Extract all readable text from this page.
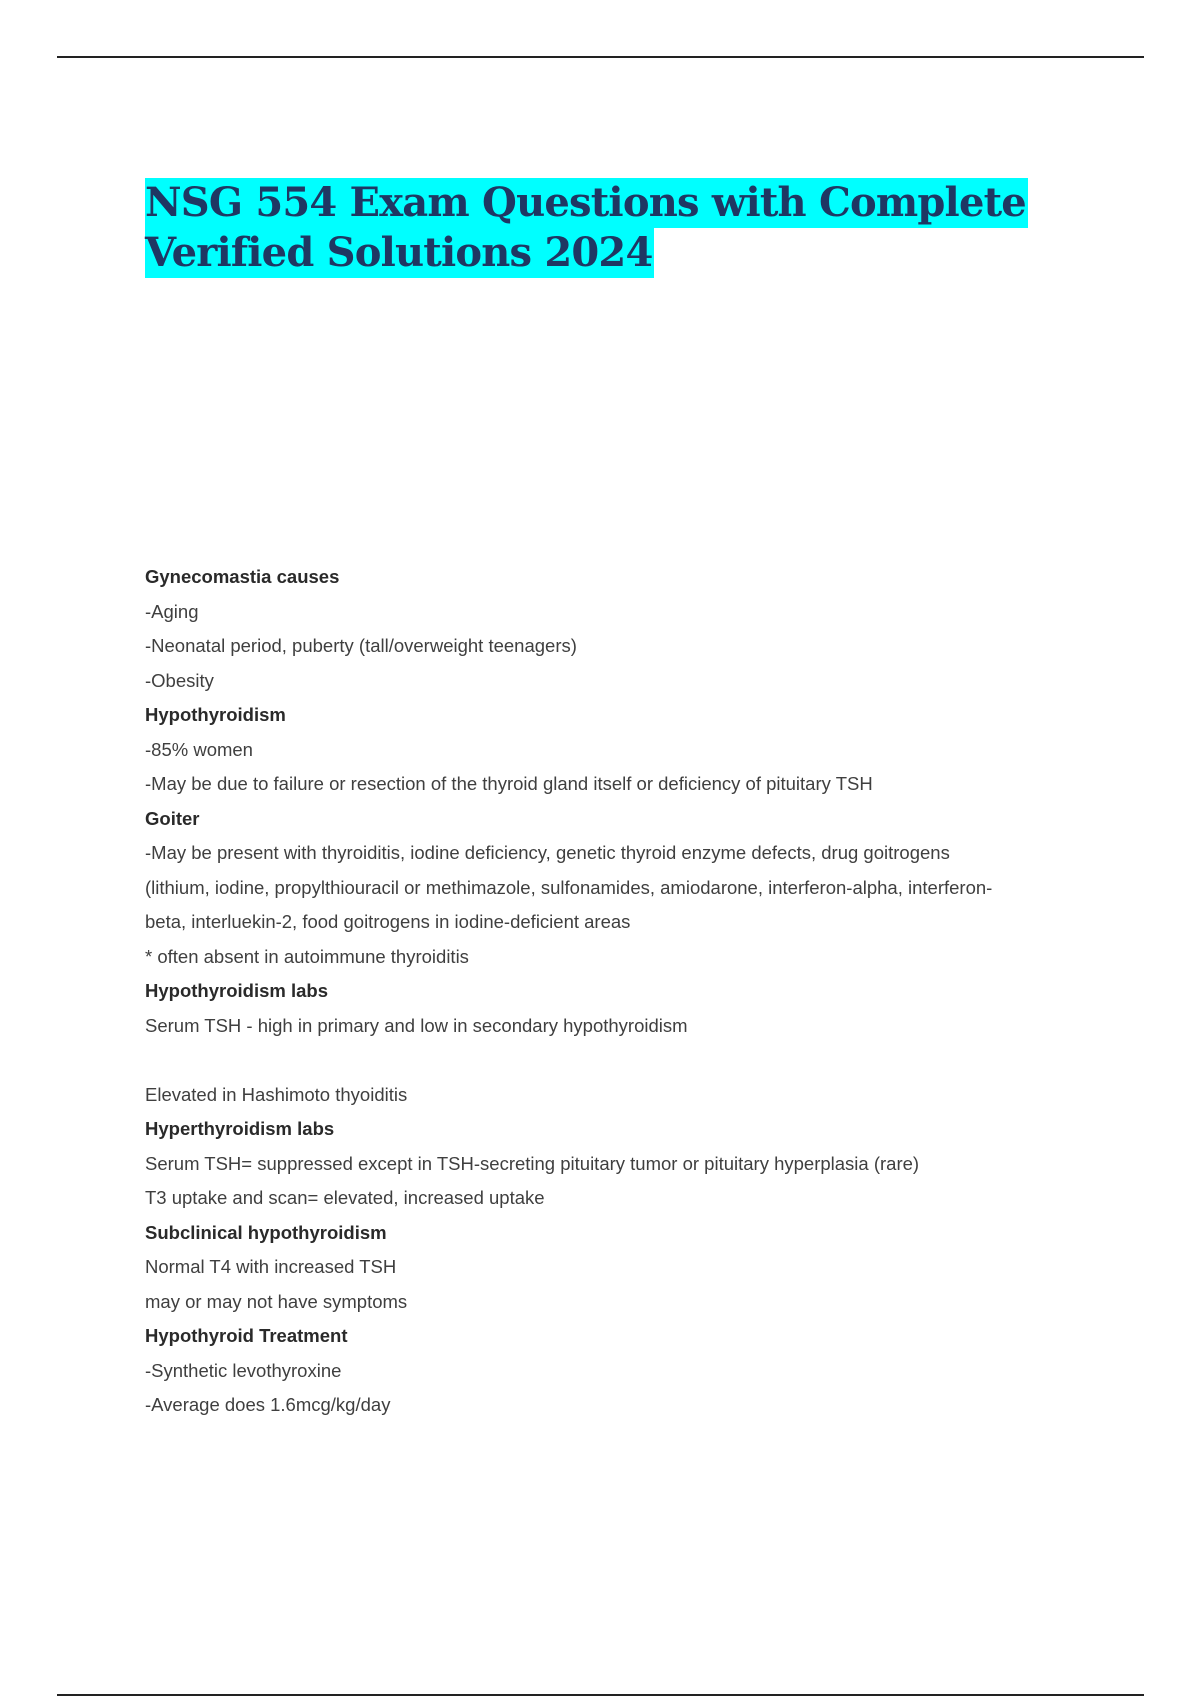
NSG 554 Exam Questions with Complete
Verified Solutions 2024
Gynecomastia causes
-Aging
-Neonatal period, puberty (tall/overweight teenagers)
-Obesity
Hypothyroidism
-85% women
-May be due to failure or resection of the thyroid gland itself or deficiency of pituitary TSH
Goiter
-May be present with thyroiditis, iodine deficiency, genetic thyroid enzyme defects, drug goitrogens
(lithium, iodine, propylthiouracil or methimazole, sulfonamides, amiodarone, interferon-alpha, interferon-
beta, interluekin-2, food goitrogens in iodine-deficient areas
* often absent in autoimmune thyroiditis
Hypothyroidism labs
Serum TSH - high in primary and low in secondary hypothyroidism
Elevated in Hashimoto thyoiditis
Hyperthyroidism labs
Serum TSH= suppressed except in TSH-secreting pituitary tumor or pituitary hyperplasia (rare)
T3 uptake and scan= elevated, increased uptake
Subclinical hypothyroidism
Normal T4 with increased TSH
may or may not have symptoms
Hypothyroid Treatment
-Synthetic levothyroxine
-Average does 1.6mcg/kg/day
